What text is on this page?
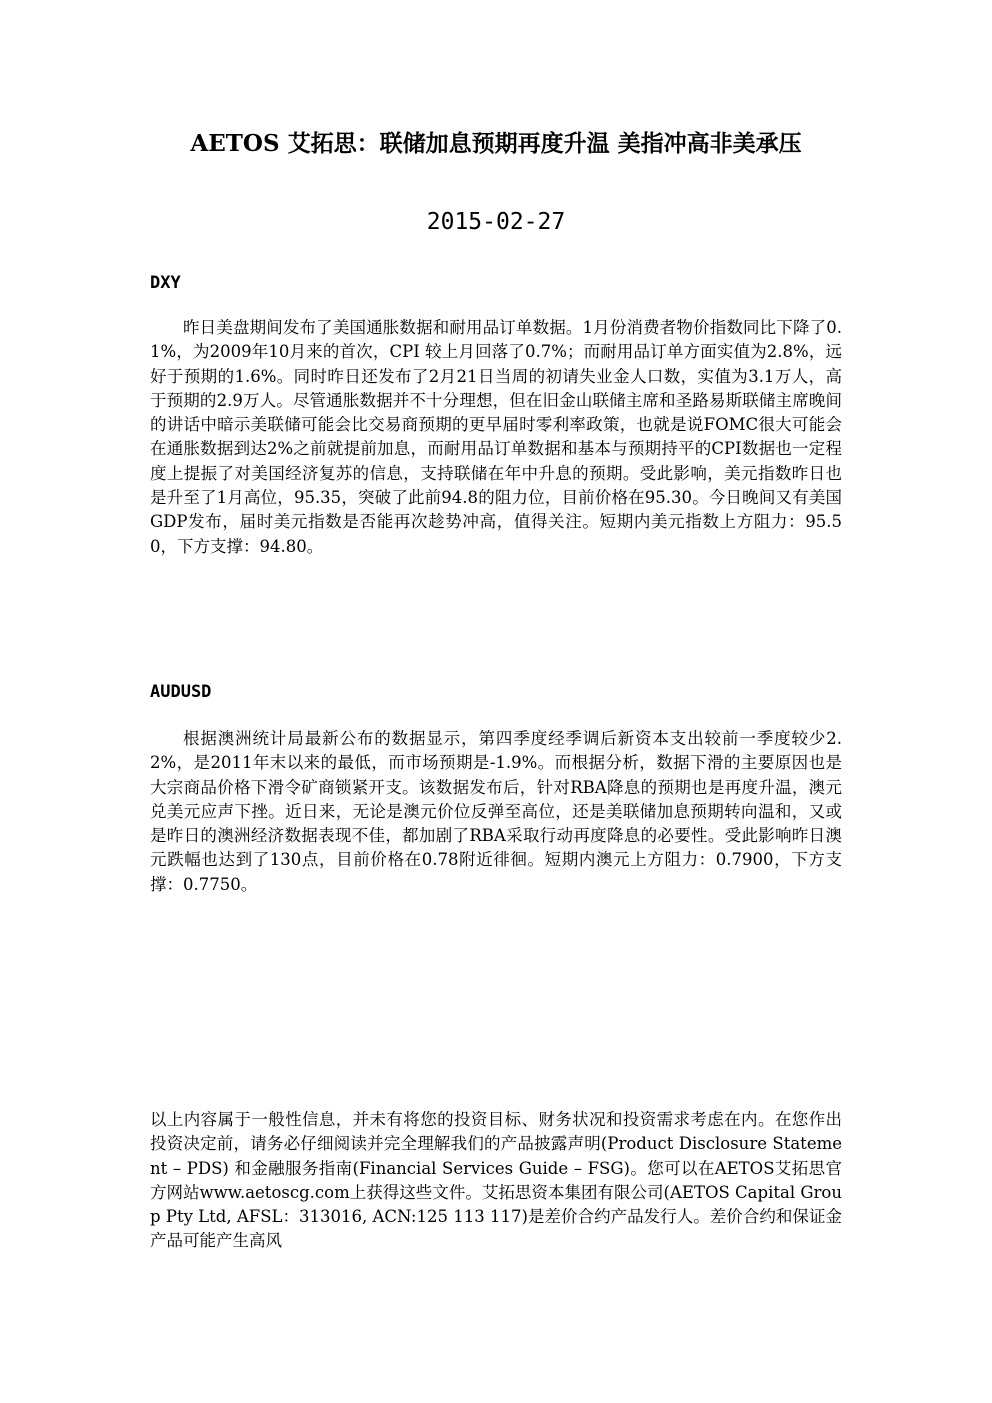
AETOS 艾拓思：联储加息预期再度升温 美指冲高非美承压
2015-02-27
DXY
昨日美盘期间发布了美国通胀数据和耐用品订单数据。1月份消费者物价指数同比下降了0.1%，为2009年10月来的首次，CPI 较上月回落了0.7%；而耐用品订单方面实值为2.8%，远好于预期的1.6%。同时昨日还发布了2月21日当周的初请失业金人口数，实值为3.1万人，高于预期的2.9万人。尽管通胀数据并不十分理想，但在旧金山联储主席和圣路易斯联储主席晚间的讲话中暗示美联储可能会比交易商预期的更早届时零利率政策，也就是说FOMC很大可能会在通胀数据到达2%之前就提前加息，而耐用品订单数据和基本与预期持平的CPI数据也一定程度上提振了对美国经济复苏的信息，支持联储在年中升息的预期。受此影响，美元指数昨日也是升至了1月高位，95.35，突破了此前94.8的阻力位，目前价格在95.30。今日晚间又有美国GDP发布，届时美元指数是否能再次趁势冲高，值得关注。短期内美元指数上方阻力：95.50，下方支撑：94.80。
AUDUSD
根据澳洲统计局最新公布的数据显示，第四季度经季调后新资本支出较前一季度较少2.2%，是2011年末以来的最低，而市场预期是-1.9%。而根据分析，数据下滑的主要原因也是大宗商品价格下滑令矿商锁紧开支。该数据发布后，针对RBA降息的预期也是再度升温，澳元兑美元应声下挫。近日来，无论是澳元价位反弹至高位，还是美联储加息预期转向温和，又或是昨日的澳洲经济数据表现不佳，都加剧了RBA采取行动再度降息的必要性。受此影响昨日澳元跌幅也达到了130点，目前价格在0.78附近徘徊。短期内澳元上方阻力：0.7900，下方支撑：0.7750。
以上内容属于一般性信息，并未有将您的投资目标、财务状况和投资需求考虑在内。在您作出投资决定前，请务必仔细阅读并完全理解我们的产品披露声明(Product Disclosure Statement – PDS) 和金融服务指南(Financial Services Guide – FSG)。您可以在AETOS艾拓思官方网站www.aetoscg.com上获得这些文件。艾拓思资本集团有限公司(AETOS Capital Group Pty Ltd, AFSL：313016, ACN:125 113 117)是差价合约产品发行人。差价合约和保证金产品可能产生高风
